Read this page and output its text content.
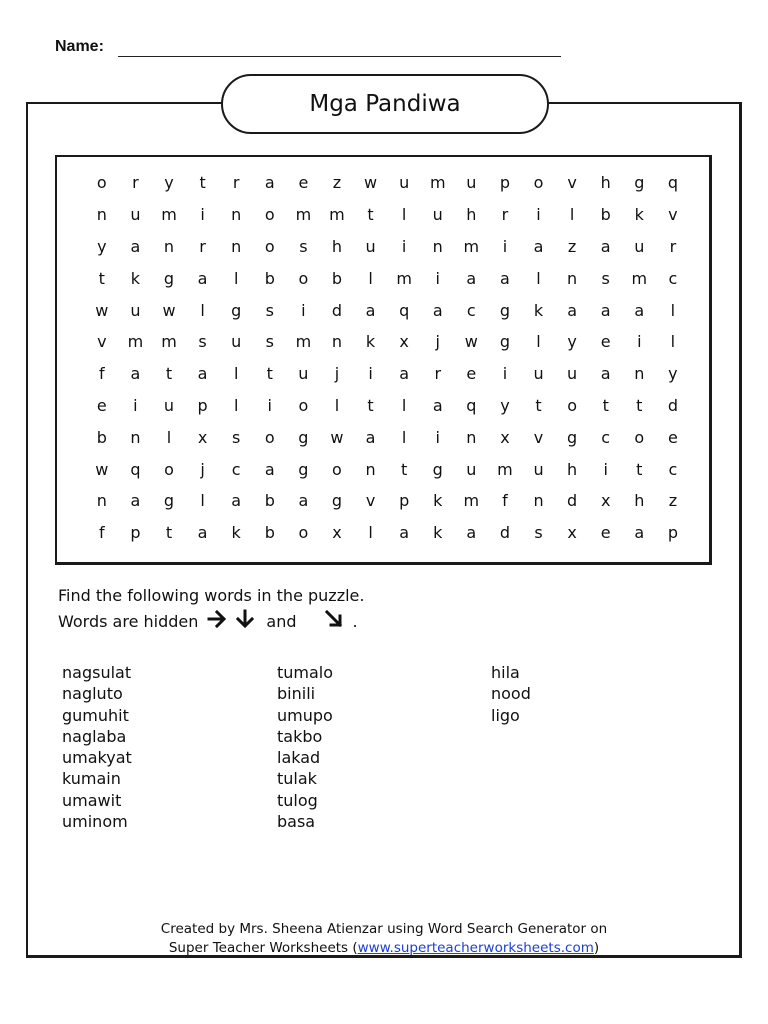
Name:
Mga Pandiwa
o	r	y	t	r	a	e	z	w	u	m	u	p	o	v	h	g	q
n	u	m	i	n	o	m	m	t	l	u	h	r	i	l	b	k	v
y	a	n	r	n	o	s	h	u	i	n	m	i	a	z	a	u	r
t	k	g	a	l	b	o	b	l	m	i	a	a	l	n	s	m	c
w	u	w	l	g	s	i	d	a	q	a	c	g	k	a	a	a	l
v	m	m	s	u	s	m	n	k	x	j	w	g	l	y	e	i	l
f	a	t	a	l	t	u	j	i	a	r	e	i	u	u	a	n	y
e	i	u	p	l	i	o	l	t	l	a	q	y	t	o	t	t	d
b	n	l	x	s	o	g	w	a	l	i	n	x	v	g	c	o	e
w	q	o	j	c	a	g	o	n	t	g	u	m	u	h	i	t	c
n	a	g	l	a	b	a	g	v	p	k	m	f	n	d	x	h	z
f	p	t	a	k	b	o	x	l	a	k	a	d	s	x	e	a	p
Find the following words in the puzzle.
Words are hidden	and	.
nagsulat
nagluto
gumuhit
naglaba
umakyat
kumain
umawit
uminom
tumalo
binili
umupo
takbo
lakad
tulak
tulog
basa
hila
nood
ligo
Created by Mrs. Sheena Atienzar using Word Search Generator on
Super Teacher Worksheets (www.superteacherworksheets.com)
